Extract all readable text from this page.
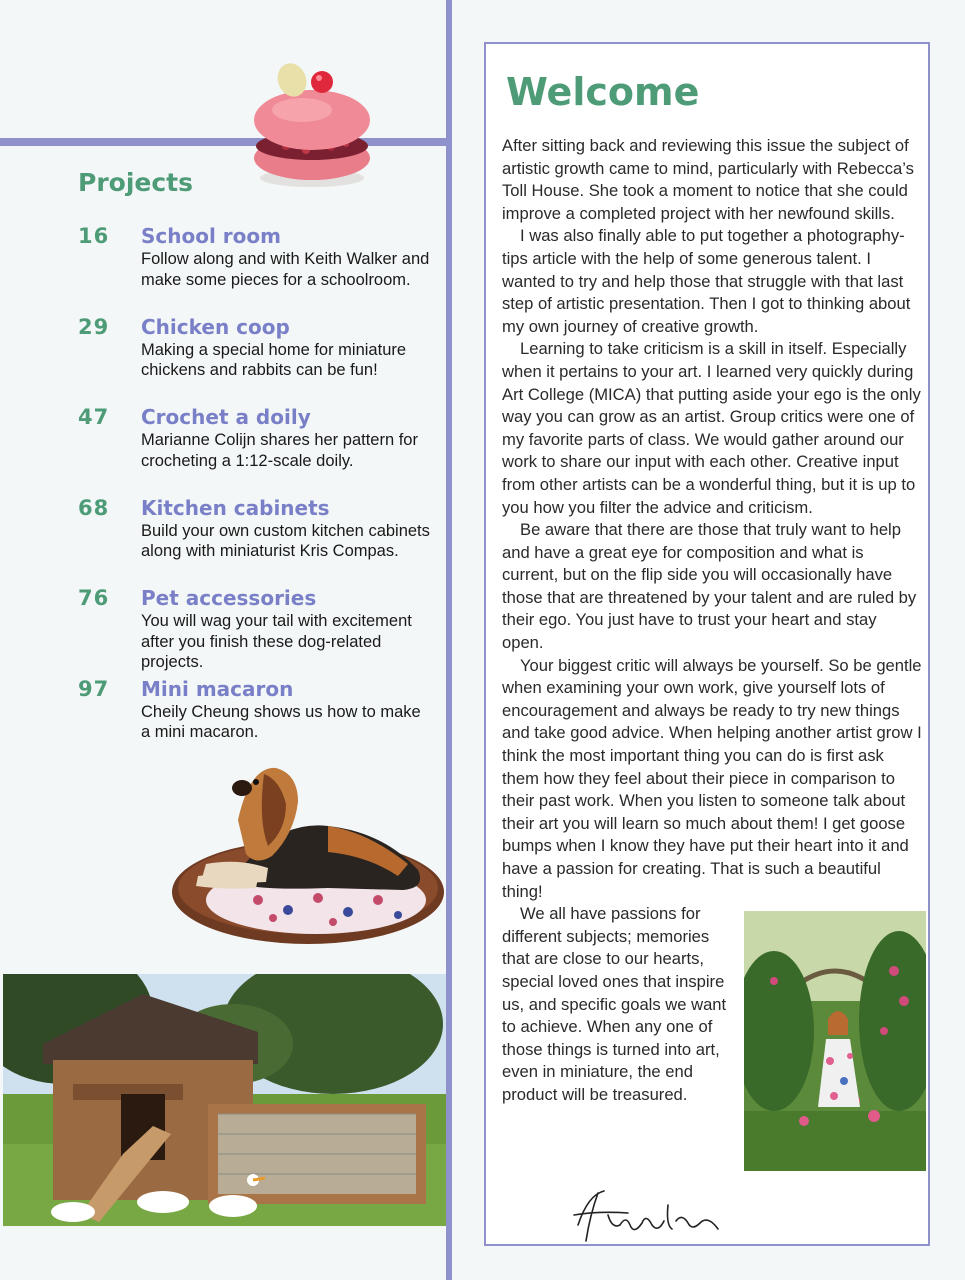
Projects
16	School room
Follow along and with Keith Walker and make some pieces for a schoolroom.
29	Chicken coop
Making a special home for miniature chickens and rabbits can be fun!
47	Crochet a doily
Marianne Colijn shares her pattern for crocheting a 1:12-scale doily.
68	Kitchen cabinets
Build your own custom kitchen cabinets along with miniaturist Kris Compas.
76	Pet accessories
You will wag your tail with excitement after you finish these dog-related projects.
97	Mini macaron
Cheily Cheung shows us how to make a mini macaron.
Welcome

After sitting back and reviewing this issue the subject of artistic growth came to mind, particularly with Rebecca’s Toll House. She took a moment to notice that she could improve a completed project with her newfound skills.

I was also finally able to put together a photography-tips article with the help of some generous talent. I wanted to try and help those that struggle with that last step of artistic presentation. Then I got to thinking about my own journey of creative growth.

Learning to take criticism is a skill in itself. Especially when it pertains to your art. I learned very quickly during Art College (MICA) that putting aside your ego is the only way you can grow as an artist. Group critics were one of my favorite parts of class. We would gather around our work to share our input with each other. Creative input from other artists can be a wonderful thing, but it is up to you how you filter the advice and criticism.

Be aware that there are those that truly want to help and have a great eye for composition and what is current, but on the flip side you will occasionally have those that are threatened by your talent and are ruled by their ego. You just have to trust your heart and stay open.

Your biggest critic will always be yourself. So be gentle when examining your own work, give yourself lots of encouragement and always be ready to try new things and take good advice. When helping another artist grow I think the most important thing you can do is first ask them how they feel about their piece in comparison to their past work. When you listen to someone talk about their art you will learn so much about them! I get goose bumps when I know they have put their heart into it and have a passion for creating. That is such a beautiful thing!

We all have passions for different subjects; memories that are close to our hearts, special loved ones that inspire us, and specific goals we want to achieve. When any one of those things is turned into art, even in miniature, the end product will be treasured.
